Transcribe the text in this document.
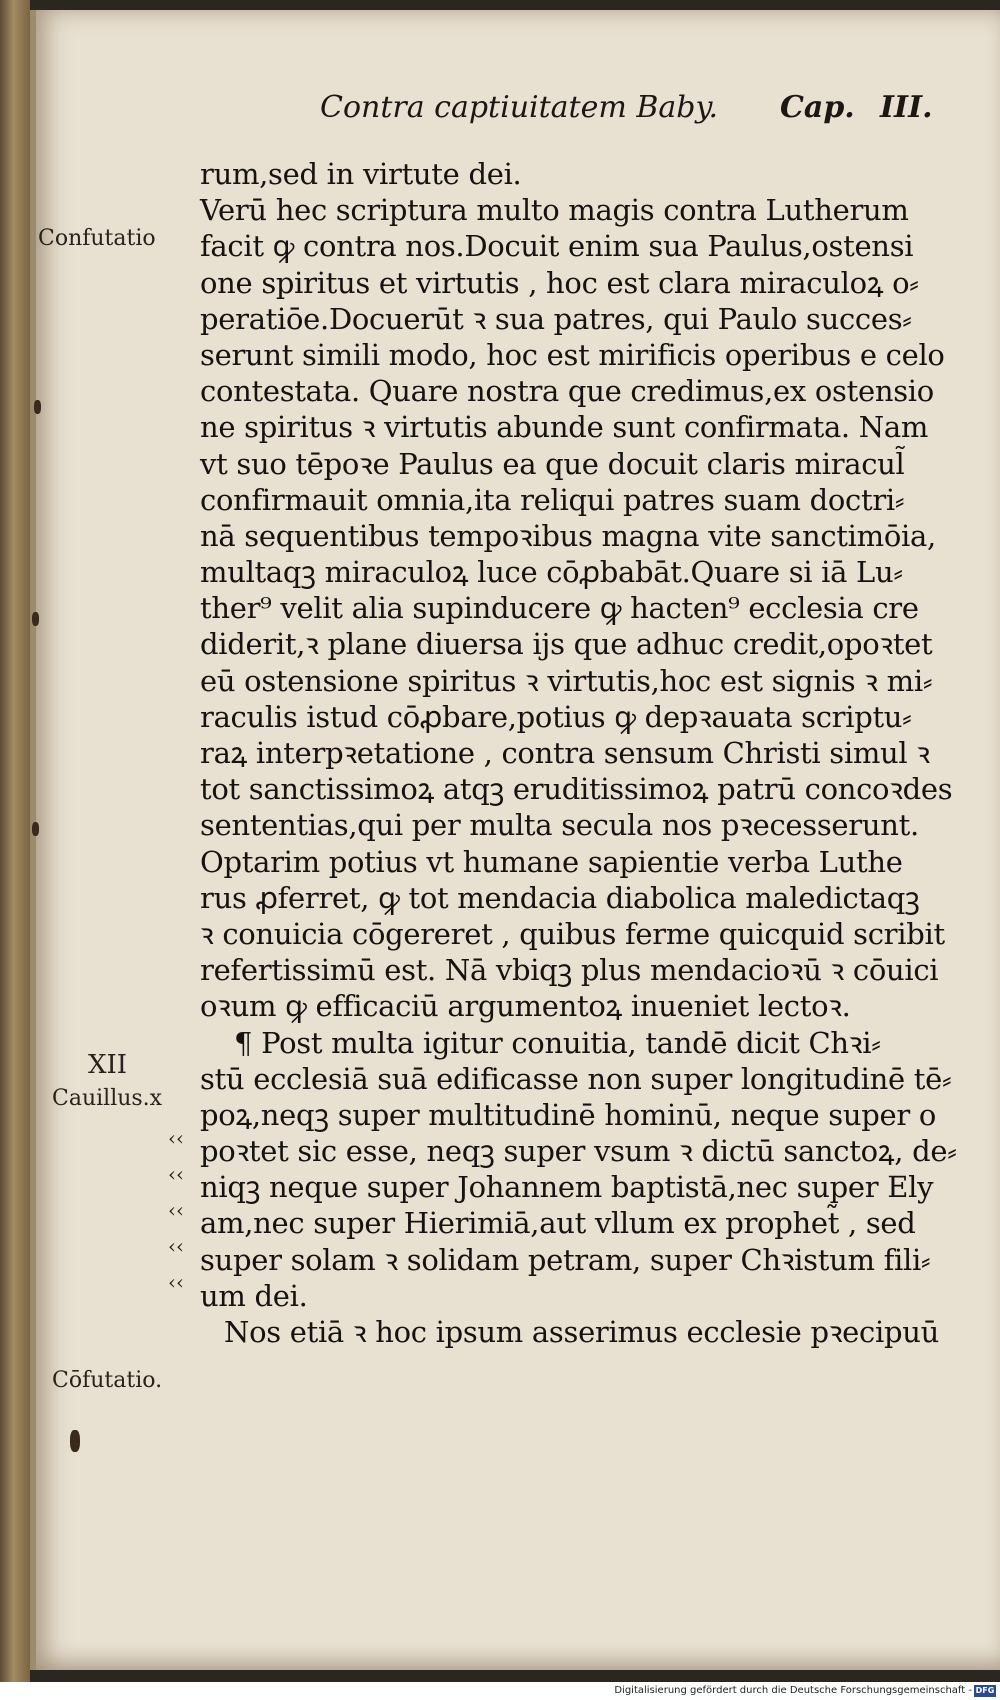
Contra captiuitatem Baby. Cap. III.
rum,sed in virtute dei.
Verū hec scriptura multo magis contra Lutherum
facit ꝙ contra nos.Docuit enim sua Paulus,ostensi
one spiritus et virtutis , hoc est clara miraculoꝝ o⸗
peratiōe.Docuerūt ꝛ sua patres, qui Paulo succes⸗
serunt simili modo, hoc est mirificis operibus e celo
contestata. Quare nostra que credimus,ex ostensio
ne spiritus ꝛ virtutis abunde sunt confirmata. Nam
vt suo tēpoꝛe Paulus ea que docuit claris miracul̃
confirmauit omnia,ita reliqui patres suam doctri⸗
nā sequentibus tempoꝛibus magna vite sanctimōia,
multaqꝫ miraculoꝝ luce cōꝓbabāt.Quare si iā Lu⸗
ther⁹ velit alia supinducere ꝙ hacten⁹ ecclesia cre
diderit,ꝛ plane diuersa ijs que adhuc credit,opoꝛtet
eū ostensione spiritus ꝛ virtutis,hoc est signis ꝛ mi⸗
raculis istud cōꝓbare,potius ꝙ depꝛauata scriptu⸗
raꝝ interpꝛetatione , contra sensum Christi simul ꝛ
tot sanctissimoꝝ atqꝫ eruditissimoꝝ patrū concoꝛdes
sententias,qui per multa secula nos pꝛecesserunt.
Optarim potius vt humane sapientie verba Luthe
rus ꝓferret, ꝙ tot mendacia diabolica maledictaqꝫ
ꝛ conuicia cōgereret , quibus ferme quicquid scribit
refertissimū est. Nā vbiqꝫ plus mendacioꝛū ꝛ cōuici
oꝛum ꝙ efficaciū argumentoꝝ inueniet lectoꝛ.
¶ Post multa igitur conuitia, tandē dicit Chꝛi⸗
stū ecclesiā suā edificasse non super longitudinē tē⸗
poꝝ,neqꝫ super multitudinē hominū, neque super o
poꝛtet sic esse, neqꝫ super vsum ꝛ dictū sanctoꝝ, de⸗
niqꝫ neque super Johannem baptistā,nec super Ely
am,nec super Hierimiā,aut vllum ex prophet̃ , sed
super solam ꝛ solidam petram, super Chꝛistum fili⸗
um dei.
Nos etiā ꝛ hoc ipsum asserimus ecclesie pꝛecipuū
Confutatio
XII
Cauillus.x
Cōfutatio.
‹‹
‹‹
‹‹
‹‹
‹‹
Digitalisierung gefördert durch die Deutsche Forschungsgemeinschaft - DFG
